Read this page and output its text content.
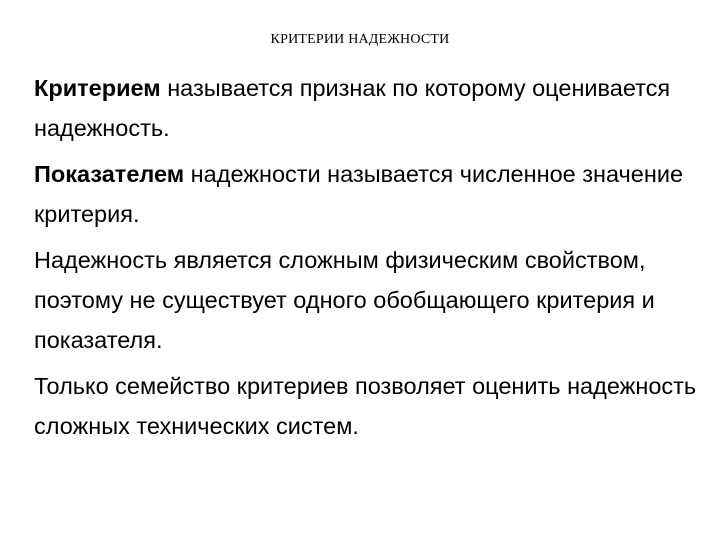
КРИТЕРИИ НАДЕЖНОСТИ

Критерием называется признак по которому оценивается надежность.

Показателем надежности называется численное значение критерия.

Надежность является сложным физическим свойством, поэтому не существует одного обобщающего критерия и показателя.

Только семейство критериев позволяет оценить надежность сложных технических систем.
